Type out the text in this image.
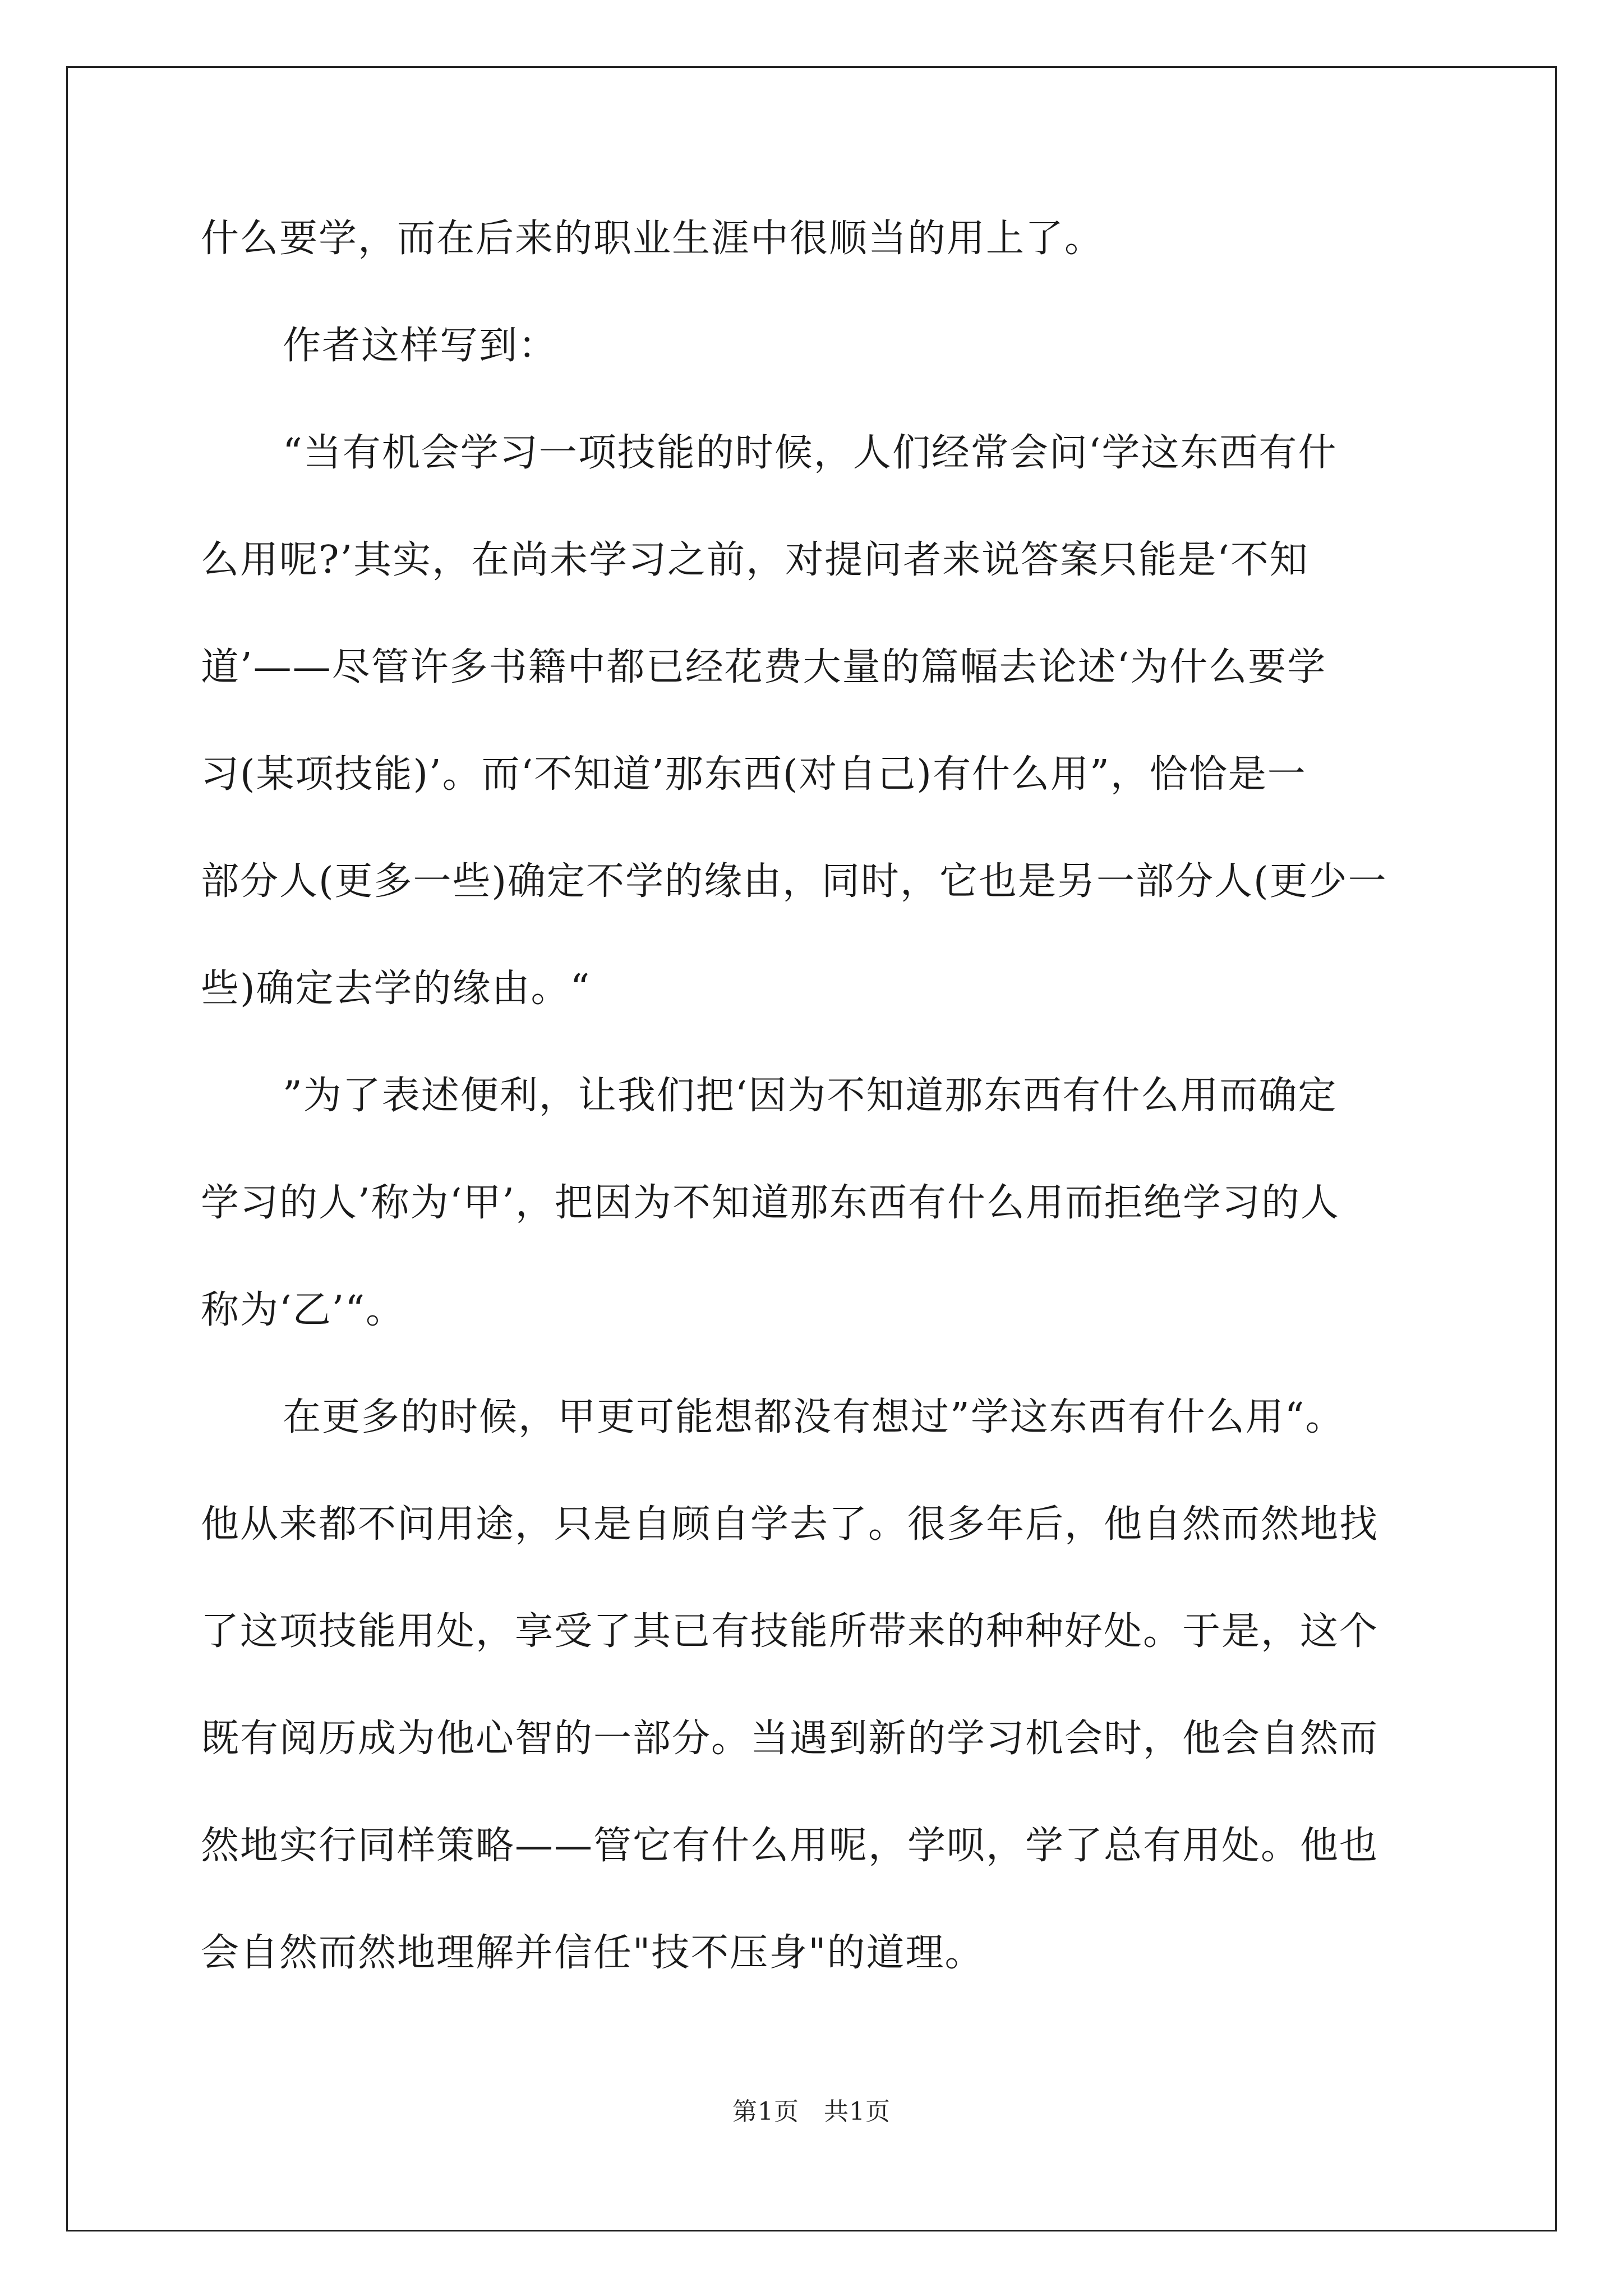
什么要学，而在后来的职业生涯中很顺当的用上了。

作者这样写到：

“当有机会学习一项技能的时候，人们经常会问‘学这东西有什
么用呢?’其实，在尚未学习之前，对提问者来说答案只能是‘不知
道’——尽管许多书籍中都已经花费大量的篇幅去论述‘为什么要学
习(某项技能)’。而‘不知道’那东西(对自己)有什么用”，恰恰是一
部分人(更多一些)确定不学的缘由，同时，它也是另一部分人(更少一
些)确定去学的缘由。“

”为了表述便利，让我们把‘因为不知道那东西有什么用而确定
学习的人’称为‘甲’，把因为不知道那东西有什么用而拒绝学习的人
称为‘乙’“。

在更多的时候，甲更可能想都没有想过”学这东西有什么用“。
他从来都不问用途，只是自顾自学去了。很多年后，他自然而然地找
了这项技能用处，享受了其已有技能所带来的种种好处。于是，这个
既有阅历成为他心智的一部分。当遇到新的学习机会时，他会自然而
然地实行同样策略——管它有什么用呢，学呗，学了总有用处。他也
会自然而然地理解并信任"技不压身"的道理。

第1页 共1页
